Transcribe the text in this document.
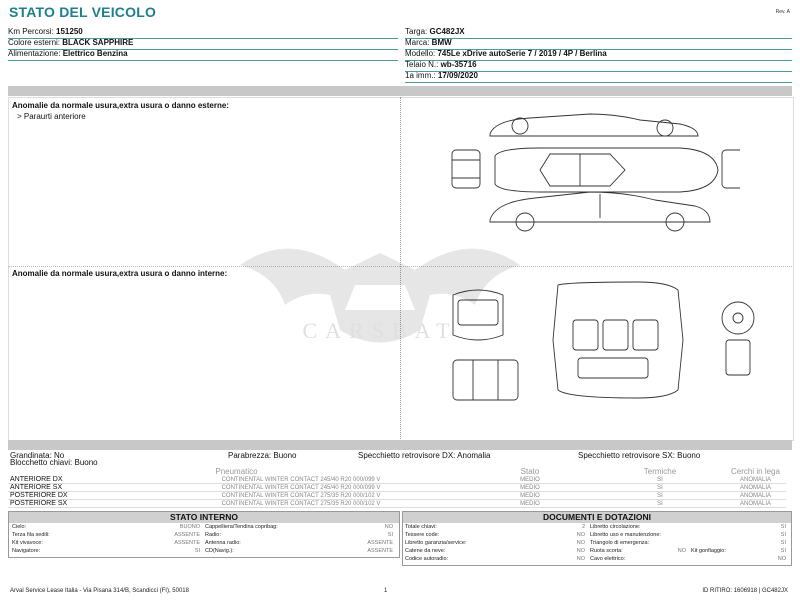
STATO DEL VEICOLO	Rev. A
Km Percorsi: 151250
Colore esterni: BLACK SAPPHIRE
Alimentazione: Elettrico Benzina
Targa: GC482JX
Marca: BMW
Modello: 745Le xDrive autoSerie 7 / 2019 / 4P / Berlina
Telaio N.: wb-35716
1a imm.: 17/09/2020
Anomalie da normale usura,extra usura o danno esterne:
> Paraurti anteriore
Anomalie da normale usura,extra usura o danno interne:
CARSBAT
Grandinata: No	Parabrezza: Buono	Specchietto retrovisore DX: Anomalia	Specchietto retrovisore SX: Buono
Blocchetto chiavi: Buono
Pneumatico		Stato	Termiche	Cerchi in lega
ANTERIORE DX	CONTINENTAL WINTER CONTACT 245/40 R20 000/099 V	MEDIO	SI	ANOMALIA
ANTERIORE SX	CONTINENTAL WINTER CONTACT 245/40 R20 000/099 V	MEDIO	SI	ANOMALIA
POSTERIORE DX	CONTINENTAL WINTER CONTACT 275/35 R20 000/102 V	MEDIO	SI	ANOMALIA
POSTERIORE SX	CONTINENTAL WINTER CONTACT 275/35 R20 000/102 V	MEDIO	SI	ANOMALIA
STATO INTERNO
Cielo:	BUONO Cappelliera/Tendina copribag:	NO
Terza fila sedili:	ASSENTE Radio:	SI
Kit vivavoce:	ASSENTE Antenna radio:	ASSENTE
Navigatore:	SI CD(Navig.):	ASSENTE
DOCUMENTI E DOTAZIONI
Totale chiavi:	2 Libretto circolazione:	SI
Tessere code:	NO Libretto uso e manutenzione:	SI
Libretto garanzia/service:	NO Triangolo di emergenza:	SI
Catene da neve:	NO Ruota scorta:	NO Kit gonfiaggio:	SI
Codice autoradio:	NO Cavo elettrico:	NO
Arval Service Lease Italia - Via Pisana 314/B, Scandicci (FI), 50018	1	ID RITIRO: 1606918 | GC482JX
